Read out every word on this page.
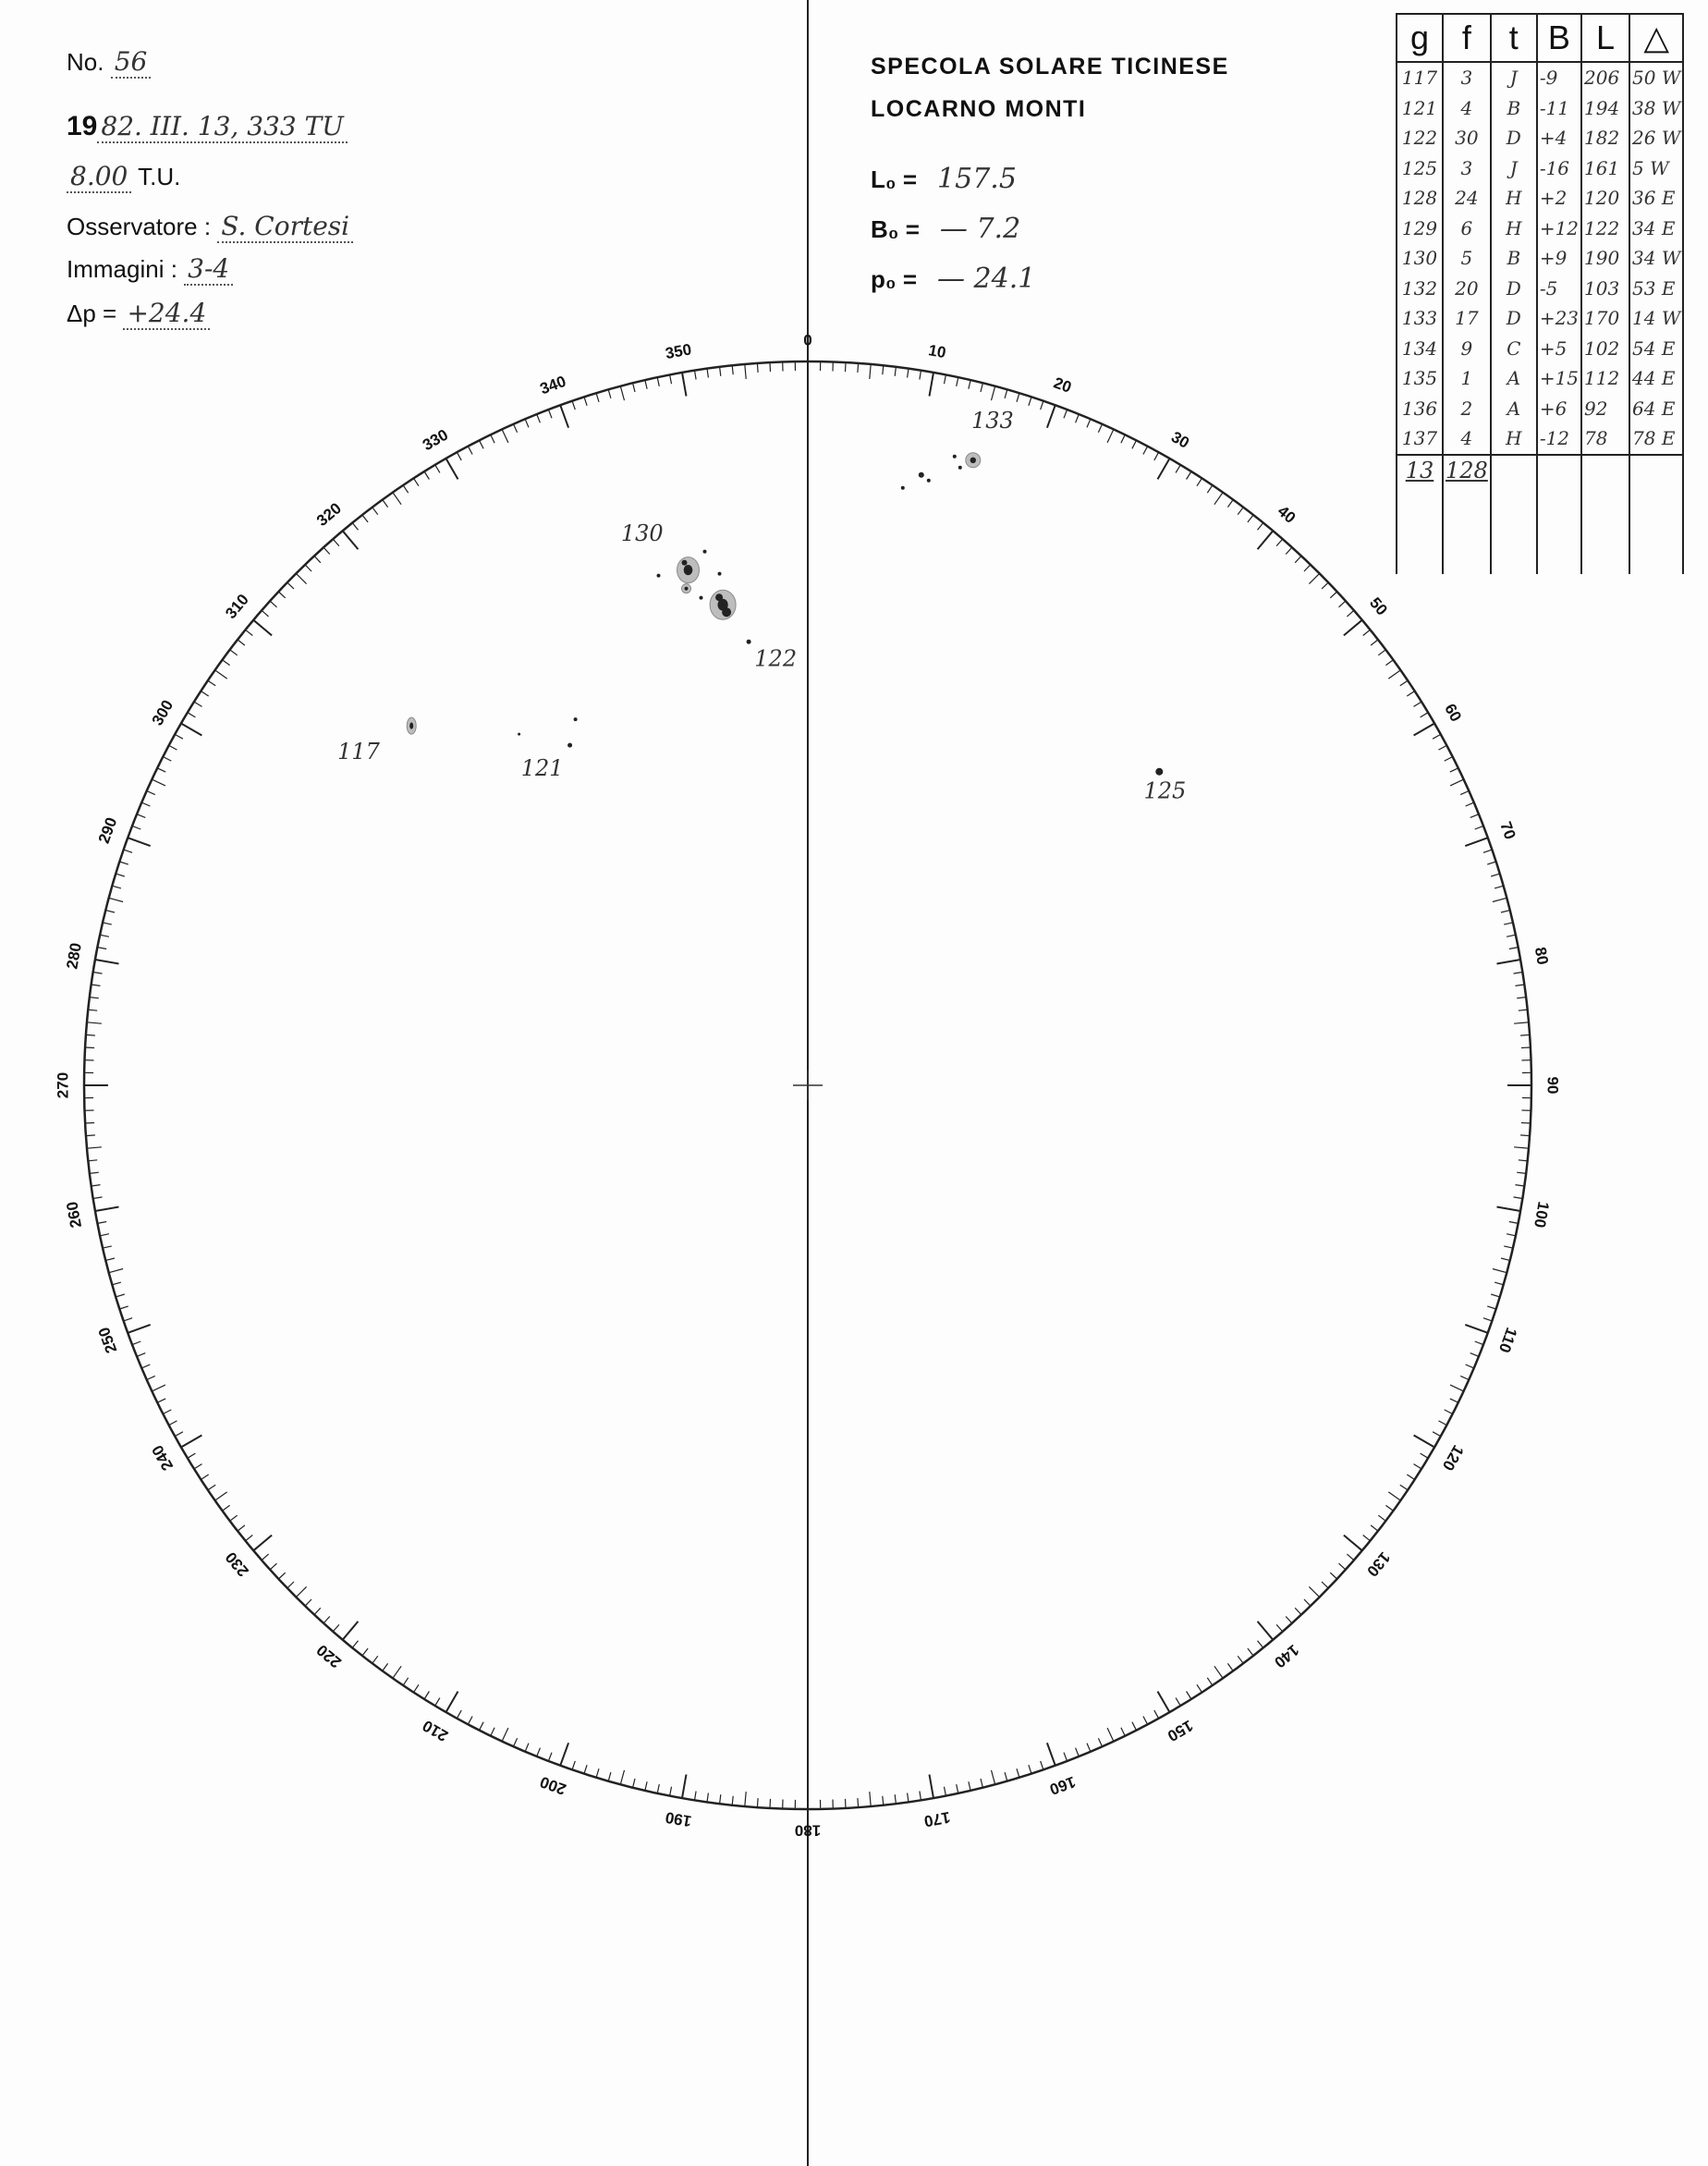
0
10
20
30
40
50
60
70
80
90
100
110
120
130
140
150
160
170
180
190
200
210
220
230
240
250
260
270
280
290
300
310
320
330
340
350
117
121
122
125
130
133
No. 56
19 82. III. 13, 333 TU
8.00 T.U.
Osservatore : S. Cortesi
Immagini : 3-4
Δp = +24.4
SPECOLA SOLARE TICINESE
LOCARNO MONTI
L₀ = 157.5
B₀ = — 7.2
p₀ = — 24.1
g	f	t	B	L	△
117	3	J	-9	206	50 W
121	4	B	-11	194	38 W
122	30	D	+4	182	26 W
125	3	J	-16	161	5 W
128	24	H	+2	120	36 E
129	6	H	+12	122	34 E
130	5	B	+9	190	34 W
132	20	D	-5	103	53 E
133	17	D	+23	170	14 W
134	9	C	+5	102	54 E
135	1	A	+15	112	44 E
136	2	A	+6	92	64 E
137	4	H	-12	78	78 E
13	128				
